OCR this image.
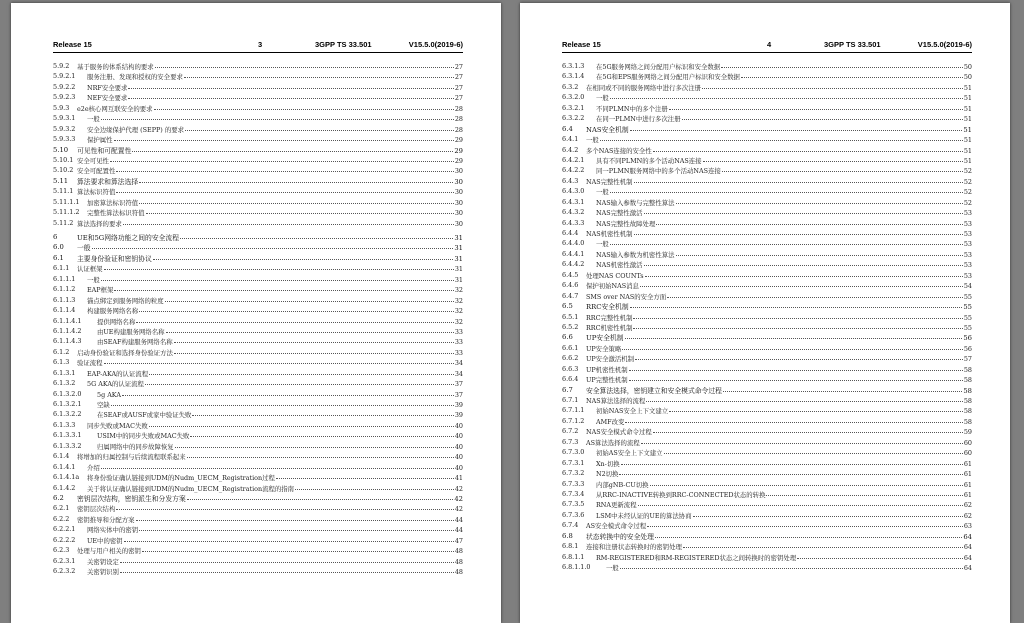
Release 15	3	3GPP TS 33.501	V15.5.0(2019-6)
5.9.2 基于服务的体系结构的要求	27
5.9.2.1 服务注册、发现和授权的安全要求	27
5.9.2.2 NRF安全要求	27
5.9.2.3 NEF安全要求	27
5.9.3 e2e核心网互联安全的要求	28
5.9.3.1 一般	28
5.9.3.2 安全边缘保护代理 (SEPP) 的要求	28
5.9.3.3 保护属性	29
5.10 可见性和可配置性	29
5.10.1 安全可见性	29
5.10.2 安全可配置性	30
5.11 算法要求和算法选择	30
5.11.1 算法标识符值	30
5.11.1.1 加密算法标识符值	30
5.11.1.2 完整性算法标识符值	30
5.11.2 算法选择的要求	30
6	UE和5G网络功能之间的安全流程	31
6.0 一般	31
6.1 主要身份验证和密钥协议	31
6.1.1 认证框架	31
6.1.1.1 一般	31
6.1.1.2 EAP框架	32
6.1.1.3 锚点绑定到服务网络的粒度	32
6.1.1.4 构建服务网络名称	32
6.1.1.4.1 提供网络名称	32
6.1.1.4.2 由UE构建服务网络名称	33
6.1.1.4.3 由SEAF构建服务网络名称	33
6.1.2 启动身份验证和选择身份验证方法	33
6.1.3 验证流程	34
6.1.3.1 EAP-AKA的认证流程	34
6.1.3.2 5G AKA的认证流程	37
6.1.3.2.0 5g AKA	37
6.1.3.2.1 空缺	39
6.1.3.2.2 在SEAF或AUSF或家中验证失败	39
6.1.3.3 同步失败或MAC失败	40
6.1.3.3.1 USIM中的同步失败或MAC失败	40
6.1.3.3.2 归属网络中的同步故障恢复	40
6.1.4 将增加的归属控制与后续流程联系起来	40
6.1.4.1 介绍	40
6.1.4.1a 将身份验证确认链接到UDM的Nudm_UECM_Registration过程	41
6.1.4.2 关于将认证确认链接到UDM的Nudm_UECM_Registration流程的指南	42
6.2 密钥层次结构，密钥派生和分发方案	42
6.2.1 密钥层次结构	42
6.2.2 密钥推导和分配方案	44
6.2.2.1 网络实体中的密钥	44
6.2.2.2 UE中的密钥	47
6.2.3 处理与用户相关的密钥	48
6.2.3.1 关密钥设定	48
6.2.3.2 关密钥识别	48
Release 15	4	3GPP TS 33.501	V15.5.0(2019-6)
6.3.1.3 在5G服务网络之间分配用户标识和安全数据	50
6.3.1.4 在5G和EPS服务网络之间分配用户标识和安全数据	50
6.3.2 在相同或不同的服务网络中进行多次注册	51
6.3.2.0 一般	51
6.3.2.1 不同PLMN中的多个注册	51
6.3.2.2 在同一PLMN中进行多次注册	51
6.4 NAS安全机制	51
6.4.1 一般	51
6.4.2 多个NAS连接的安全性	51
6.4.2.1 具有不同PLMN的多个活动NAS连接	51
6.4.2.2 同一PLMN服务网络中的多个活动NAS连接	52
6.4.3 NAS完整性机制	52
6.4.3.0 一般	52
6.4.3.1 NAS输入参数与完整性算法	52
6.4.3.2 NAS完整性激活	53
6.4.3.3 NAS完整性故障处理	53
6.4.4 NAS机密性机制	53
6.4.4.0 一般	53
6.4.4.1 NAS输入参数为机密性算法	53
6.4.4.2 NAS机密性激活	53
6.4.5 处理NAS COUNTs	53
6.4.6 保护初始NAS消息	54
6.4.7 SMS over NAS的安全方面	55
6.5 RRC安全机制	55
6.5.1 RRC完整性机制	55
6.5.2 RRC机密性机制	55
6.6 UP安全机制	56
6.6.1 UP安全策略	56
6.6.2 UP安全激活机制	57
6.6.3 UP机密性机制	58
6.6.4 UP完整性机制	58
6.7 安全算法选择，密钥建立和安全模式命令过程	58
6.7.1 NAS算法选择的流程	58
6.7.1.1 初始NAS安全上下文建立	58
6.7.1.2 AMF改变	58
6.7.2 NAS安全模式命令过程	59
6.7.3 AS算法选择的流程	60
6.7.3.0 初始AS安全上下文建立	60
6.7.3.1 Xn-切换	61
6.7.3.2 N2切换	61
6.7.3.3 内部gNB-CU切换	61
6.7.3.4 从RRC-INACTIVE转换到RRC-CONNECTED状态的转换	61
6.7.3.5 RNA更新流程	62
6.7.3.6 LSM中未经认证的UE的算法协商	62
6.7.4 AS安全模式命令过程	63
6.8 状态转换中的安全处理	64
6.8.1 连接和注册状态转换时的密钥处理	64
6.8.1.1 RM-REGISTERED和RM-REGISTERED状态之间转换时的密钥处理	64
6.8.1.1.0 一般	64
